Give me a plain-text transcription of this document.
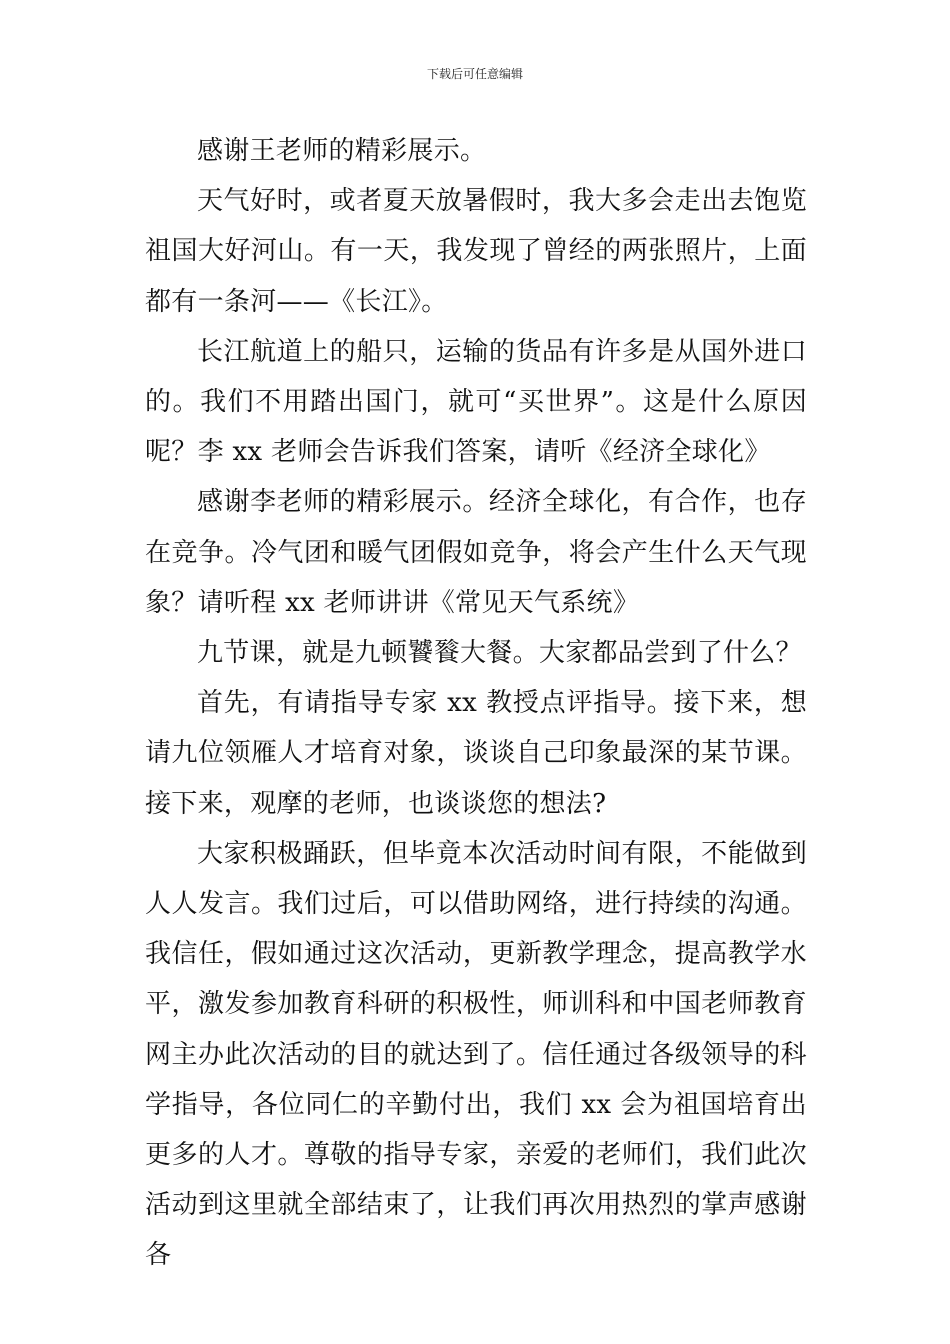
下载后可任意编辑

感谢王老师的精彩展示。

天气好时，或者夏天放暑假时，我大多会走出去饱览祖国大好河山。有一天，我发现了曾经的两张照片，上面都有一条河——《长江》。

长江航道上的船只，运输的货品有许多是从国外进口的。我们不用踏出国门，就可“买世界”。这是什么原因呢？李 xx 老师会告诉我们答案，请听《经济全球化》

感谢李老师的精彩展示。经济全球化，有合作，也存在竞争。冷气团和暖气团假如竞争，将会产生什么天气现象？请听程 xx 老师讲讲《常见天气系统》

九节课，就是九顿饕餮大餐。大家都品尝到了什么？

首先，有请指导专家 xx 教授点评指导。接下来，想请九位领雁人才培育对象，谈谈自己印象最深的某节课。接下来，观摩的老师，也谈谈您的想法?

大家积极踊跃，但毕竟本次活动时间有限，不能做到人人发言。我们过后，可以借助网络，进行持续的沟通。我信任，假如通过这次活动，更新教学理念，提高教学水平，激发参加教育科研的积极性，师训科和中国老师教育网主办此次活动的目的就达到了。信任通过各级领导的科学指导，各位同仁的辛勤付出，我们 xx 会为祖国培育出更多的人才。尊敬的指导专家，亲爱的老师们，我们此次活动到这里就全部结束了，让我们再次用热烈的掌声感谢各
